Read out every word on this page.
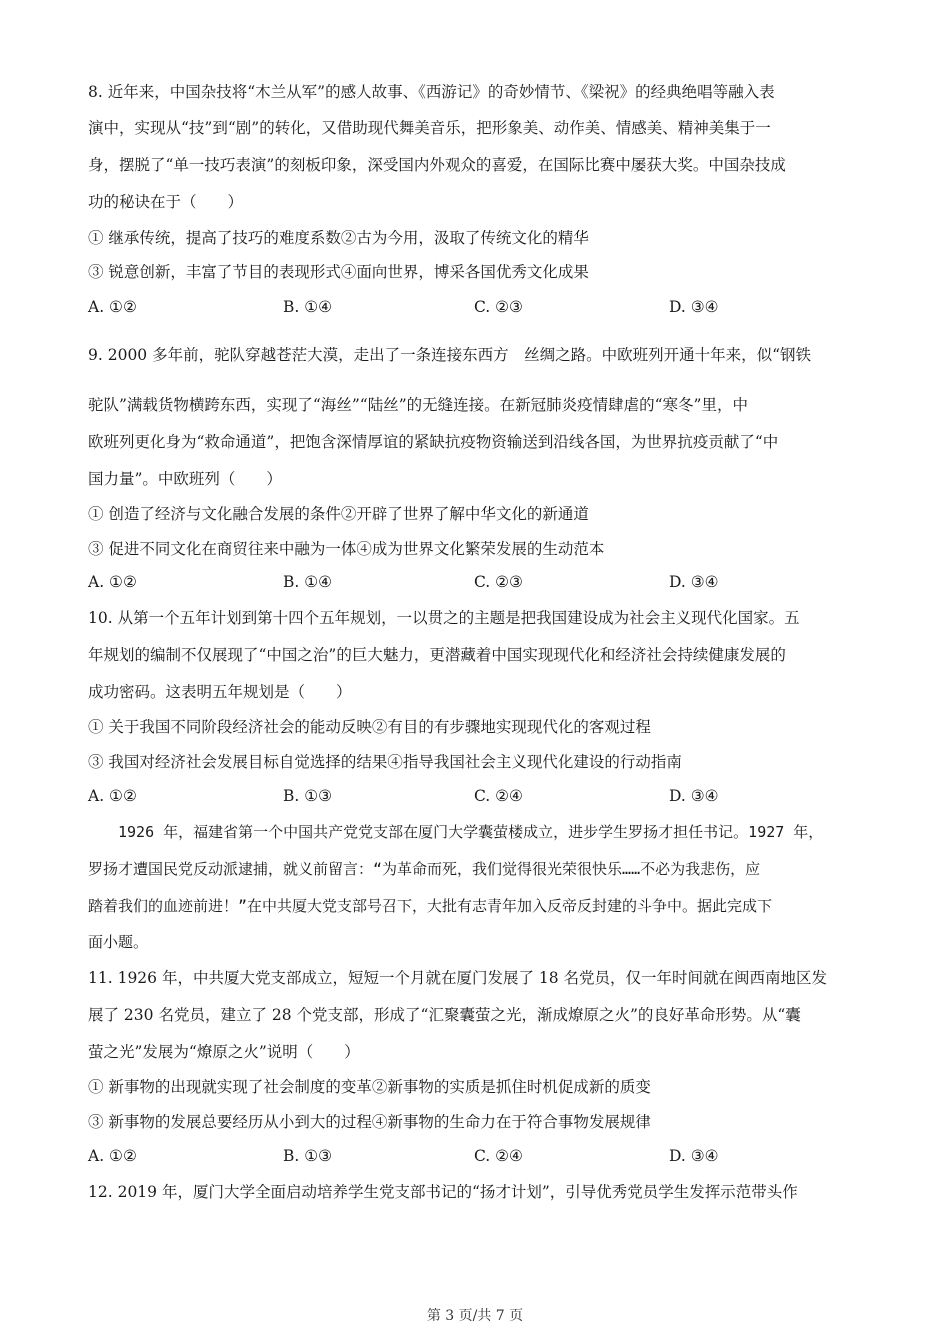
8. 近年来，中国杂技将“木兰从军”的感人故事、《西游记》的奇妙情节、《梁祝》的经典绝唱等融入表
演中，实现从“技”到“剧”的转化，又借助现代舞美音乐，把形象美、动作美、情感美、精神美集于一
身，摆脱了“单一技巧表演”的刻板印象，深受国内外观众的喜爱，在国际比赛中屡获大奖。中国杂技成
功的秘诀在于（　　）
① 继承传统，提高了技巧的难度系数②古为今用，汲取了传统文化的精华
③ 锐意创新，丰富了节目的表现形式④面向世界，博采各国优秀文化成果
A. ①②	B. ①④	C. ②③	D. ③④
9. 2000 多年前，驼队穿越苍茫大漠，走出了一条连接东西方　丝绸之路。中欧班列开通十年来，似“钢铁
驼队”满载货物横跨东西，实现了“海丝”“陆丝”的无缝连接。在新冠肺炎疫情肆虐的“寒冬”里，中
欧班列更化身为“救命通道”，把饱含深情厚谊的紧缺抗疫物资输送到沿线各国，为世界抗疫贡献了“中
国力量”。中欧班列（　　）
① 创造了经济与文化融合发展的条件②开辟了世界了解中华文化的新通道
③ 促进不同文化在商贸往来中融为一体④成为世界文化繁荣发展的生动范本
A. ①②	B. ①④	C. ②③	D. ③④
10. 从第一个五年计划到第十四个五年规划，一以贯之的主题是把我国建设成为社会主义现代化国家。五
年规划的编制不仅展现了“中国之治”的巨大魅力，更潜藏着中国实现现代化和经济社会持续健康发展的
成功密码。这表明五年规划是（　　）
① 关于我国不同阶段经济社会的能动反映②有目的有步骤地实现现代化的客观过程
③ 我国对经济社会发展目标自觉选择的结果④指导我国社会主义现代化建设的行动指南
A. ①②	B. ①③	C. ②④	D. ③④
　　1926 年，福建省第一个中国共产党党支部在厦门大学囊萤楼成立，进步学生罗扬才担任书记。1927 年，
罗扬才遭国民党反动派逮捕，就义前留言：“为革命而死，我们觉得很光荣很快乐……不必为我悲伤，应
踏着我们的血迹前进！”在中共厦大党支部号召下，大批有志青年加入反帝反封建的斗争中。据此完成下
面小题。
11. 1926 年，中共厦大党支部成立，短短一个月就在厦门发展了 18 名党员，仅一年时间就在闽西南地区发
展了 230 名党员，建立了 28 个党支部，形成了“汇聚囊萤之光，渐成燎原之火”的良好革命形势。从“囊
萤之光”发展为“燎原之火”说明（　　）
① 新事物的出现就实现了社会制度的变革②新事物的实质是抓住时机促成新的质变
③ 新事物的发展总要经历从小到大的过程④新事物的生命力在于符合事物发展规律
A. ①②	B. ①③	C. ②④	D. ③④
12. 2019 年，厦门大学全面启动培养学生党支部书记的“扬才计划”，引导优秀党员学生发挥示范带头作
第 3 页/共 7 页
